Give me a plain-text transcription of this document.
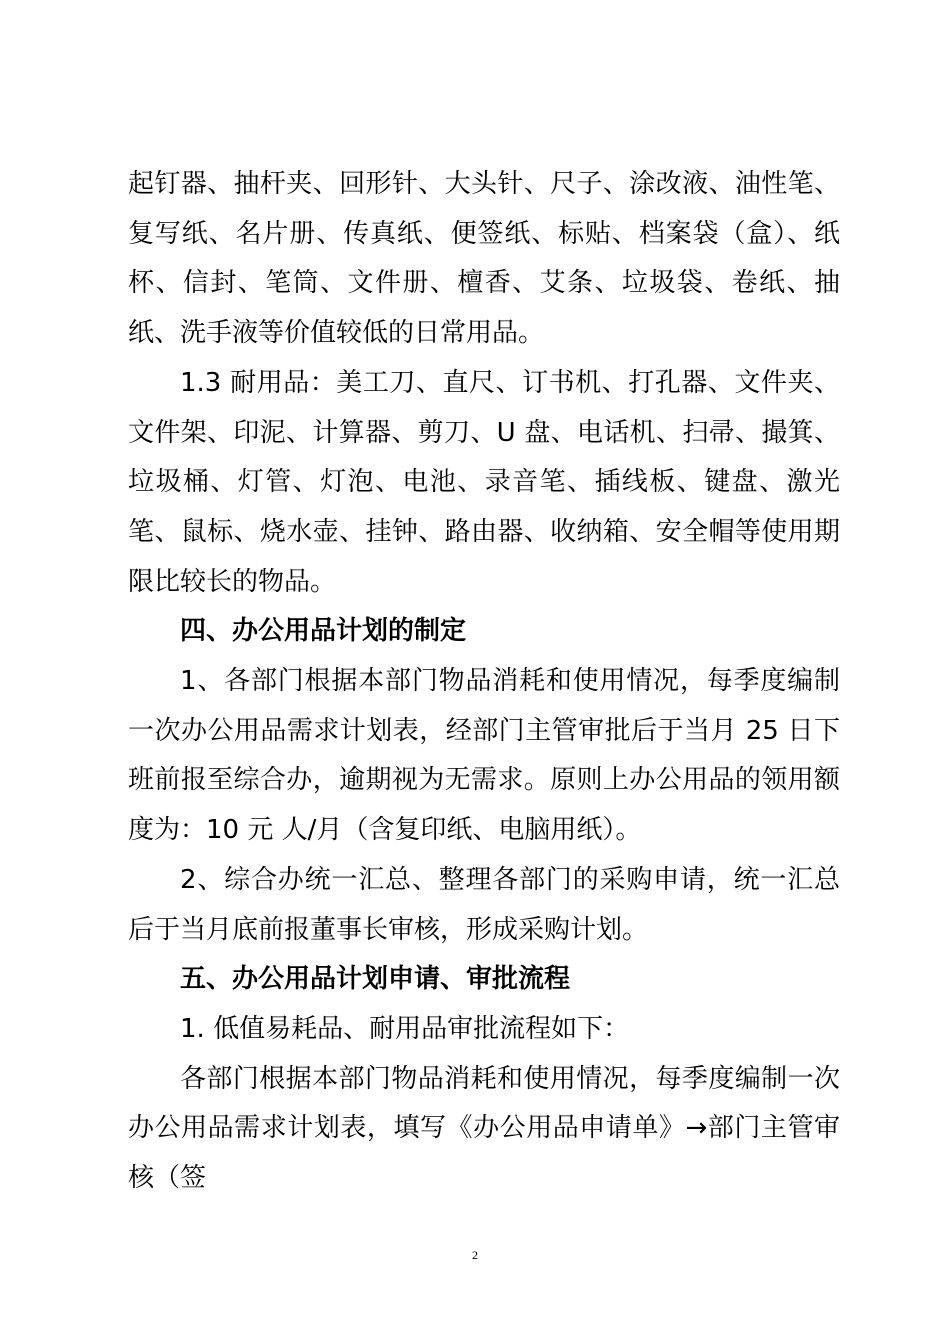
起钉器、抽杆夹、回形针、大头针、尺子、涂改液、油性笔、复写纸、名片册、传真纸、便签纸、标贴、档案袋（盒）、纸杯、信封、笔筒、文件册、檀香、艾条、垃圾袋、卷纸、抽纸、洗手液等价值较低的日常用品。

1.3 耐用品：美工刀、直尺、订书机、打孔器、文件夹、文件架、印泥、计算器、剪刀、U 盘、电话机、扫帚、撮箕、垃圾桶、灯管、灯泡、电池、录音笔、插线板、键盘、激光笔、鼠标、烧水壶、挂钟、路由器、收纳箱、安全帽等使用期限比较长的物品。

四、办公用品计划的制定

1、各部门根据本部门物品消耗和使用情况，每季度编制一次办公用品需求计划表，经部门主管审批后于当月 25 日下班前报至综合办，逾期视为无需求。原则上办公用品的领用额度为：10 元 人/月（含复印纸、电脑用纸）。

2、综合办统一汇总、整理各部门的采购申请，统一汇总后于当月底前报董事长审核，形成采购计划。

五、办公用品计划申请、审批流程

1. 低值易耗品、耐用品审批流程如下：

各部门根据本部门物品消耗和使用情况，每季度编制一次办公用品需求计划表，填写《办公用品申请单》→部门主管审核（签

2
